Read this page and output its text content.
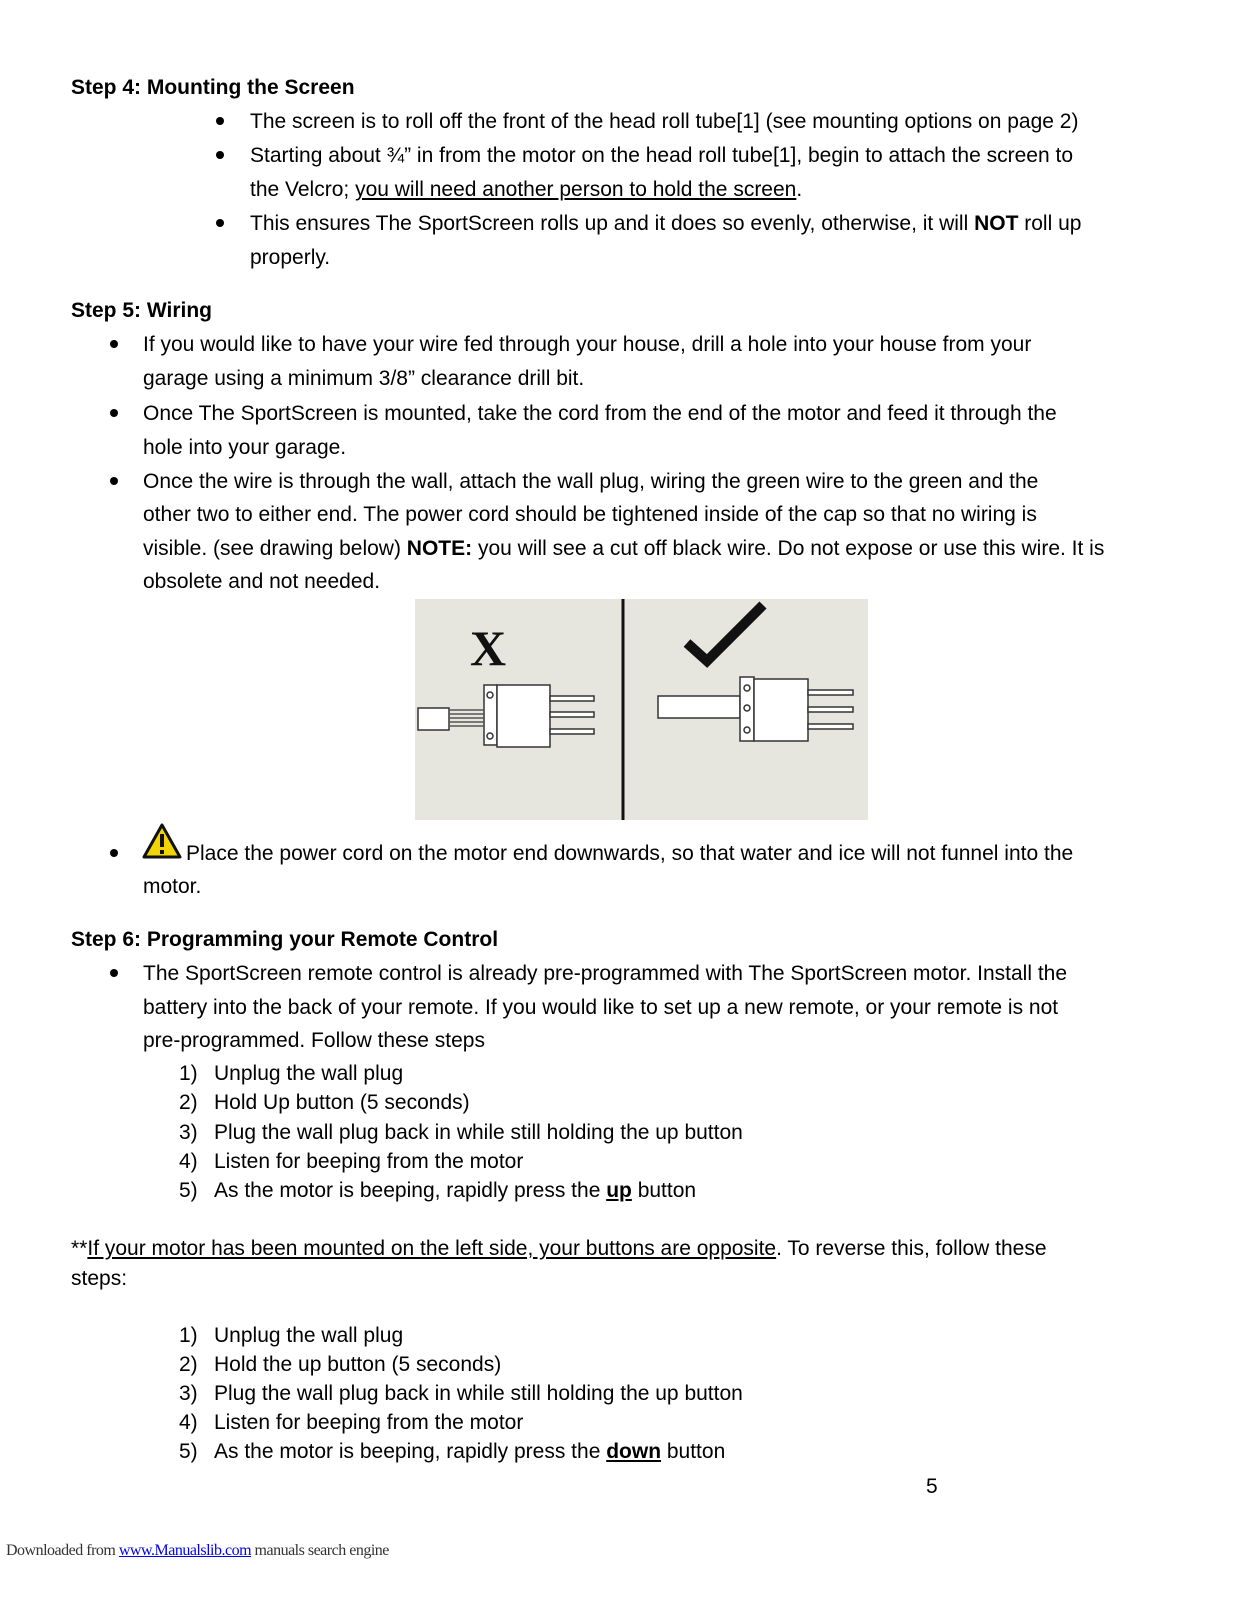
Step 4: Mounting the Screen
The screen is to roll off the front of the head roll tube[1] (see mounting options on page 2)
Starting about ¾” in from the motor on the head roll tube[1], begin to attach the screen to
the Velcro; you will need another person to hold the screen.
This ensures The SportScreen rolls up and it does so evenly, otherwise, it will NOT roll up
properly.
Step 5: Wiring
If you would like to have your wire fed through your house, drill a hole into your house from your
garage using a minimum 3/8” clearance drill bit.
Once The SportScreen is mounted, take the cord from the end of the motor and feed it through the
hole into your garage.
Once the wire is through the wall, attach the wall plug, wiring the green wire to the green and the
other two to either end. The power cord should be tightened inside of the cap so that no wiring is
visible. (see drawing below) NOTE: you will see a cut off black wire. Do not expose or use this wire. It is
obsolete and not needed.
X
Place the power cord on the motor end downwards, so that water and ice will not funnel into the
motor.
Step 6: Programming your Remote Control
The SportScreen remote control is already pre-programmed with The SportScreen motor. Install the
battery into the back of your remote. If you would like to set up a new remote, or your remote is not
pre-programmed. Follow these steps
1) Unplug the wall plug
2) Hold Up button (5 seconds)
3) Plug the wall plug back in while still holding the up button
4) Listen for beeping from the motor
5) As the motor is beeping, rapidly press the up button
**If your motor has been mounted on the left side, your buttons are opposite. To reverse this, follow these
steps:
1) Unplug the wall plug
2) Hold the up button (5 seconds)
3) Plug the wall plug back in while still holding the up button
4) Listen for beeping from the motor
5) As the motor is beeping, rapidly press the down button
5
Downloaded from www.Manualslib.com manuals search engine
